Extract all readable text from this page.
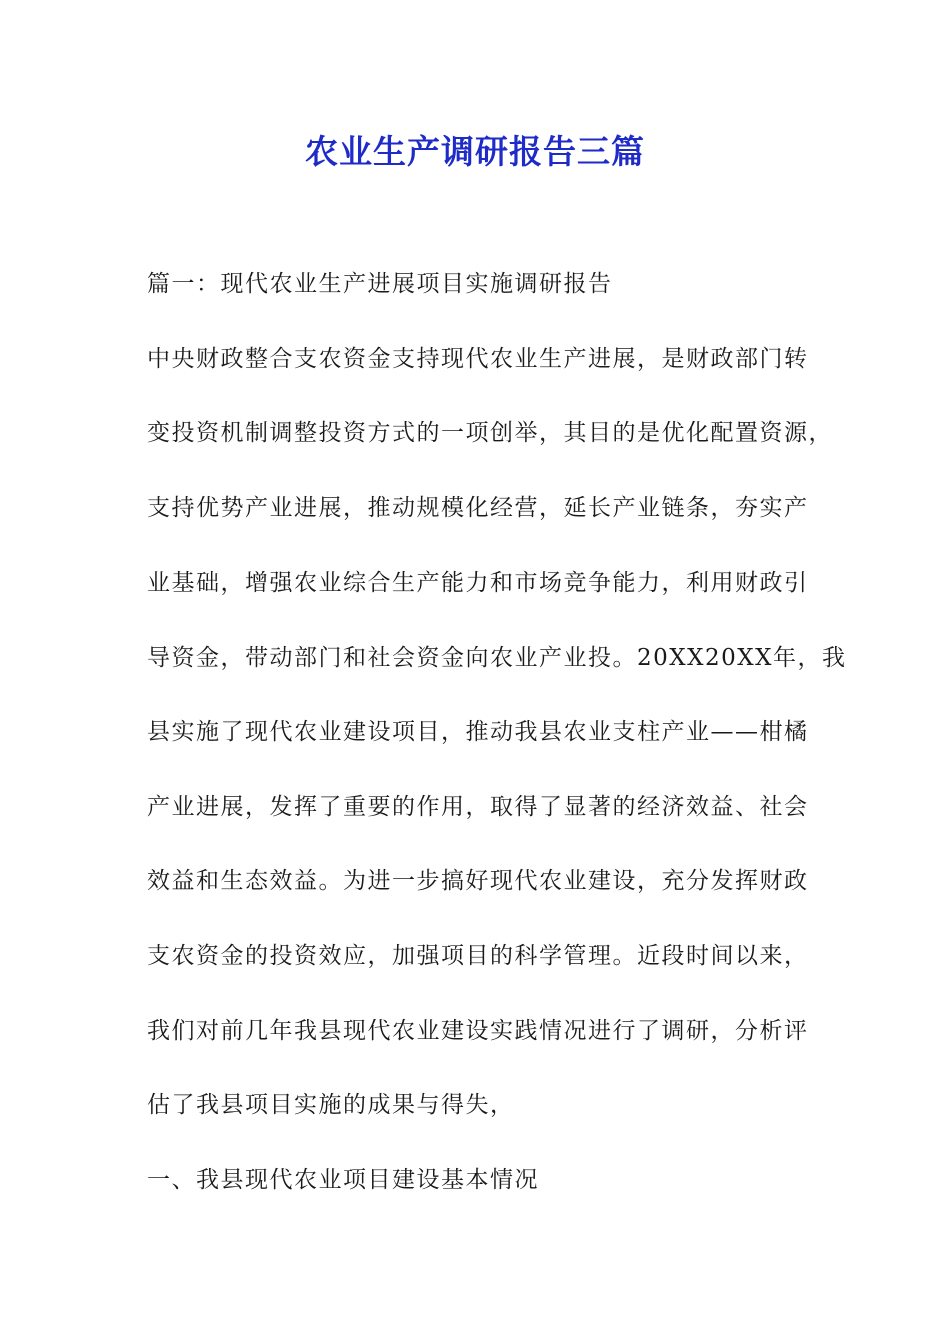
农业生产调研报告三篇

篇一：现代农业生产进展项目实施调研报告

中央财政整合支农资金支持现代农业生产进展，是财政部门转

变投资机制调整投资方式的一项创举，其目的是优化配置资源，

支持优势产业进展，推动规模化经营，延长产业链条，夯实产

业基础，增强农业综合生产能力和市场竞争能力，利用财政引

导资金，带动部门和社会资金向农业产业投。20XX20XX年，我

县实施了现代农业建设项目，推动我县农业支柱产业——柑橘

产业进展，发挥了重要的作用，取得了显著的经济效益、社会

效益和生态效益。为进一步搞好现代农业建设，充分发挥财政

支农资金的投资效应，加强项目的科学管理。近段时间以来，

我们对前几年我县现代农业建设实践情况进行了调研，分析评

估了我县项目实施的成果与得失，

一、我县现代农业项目建设基本情况
